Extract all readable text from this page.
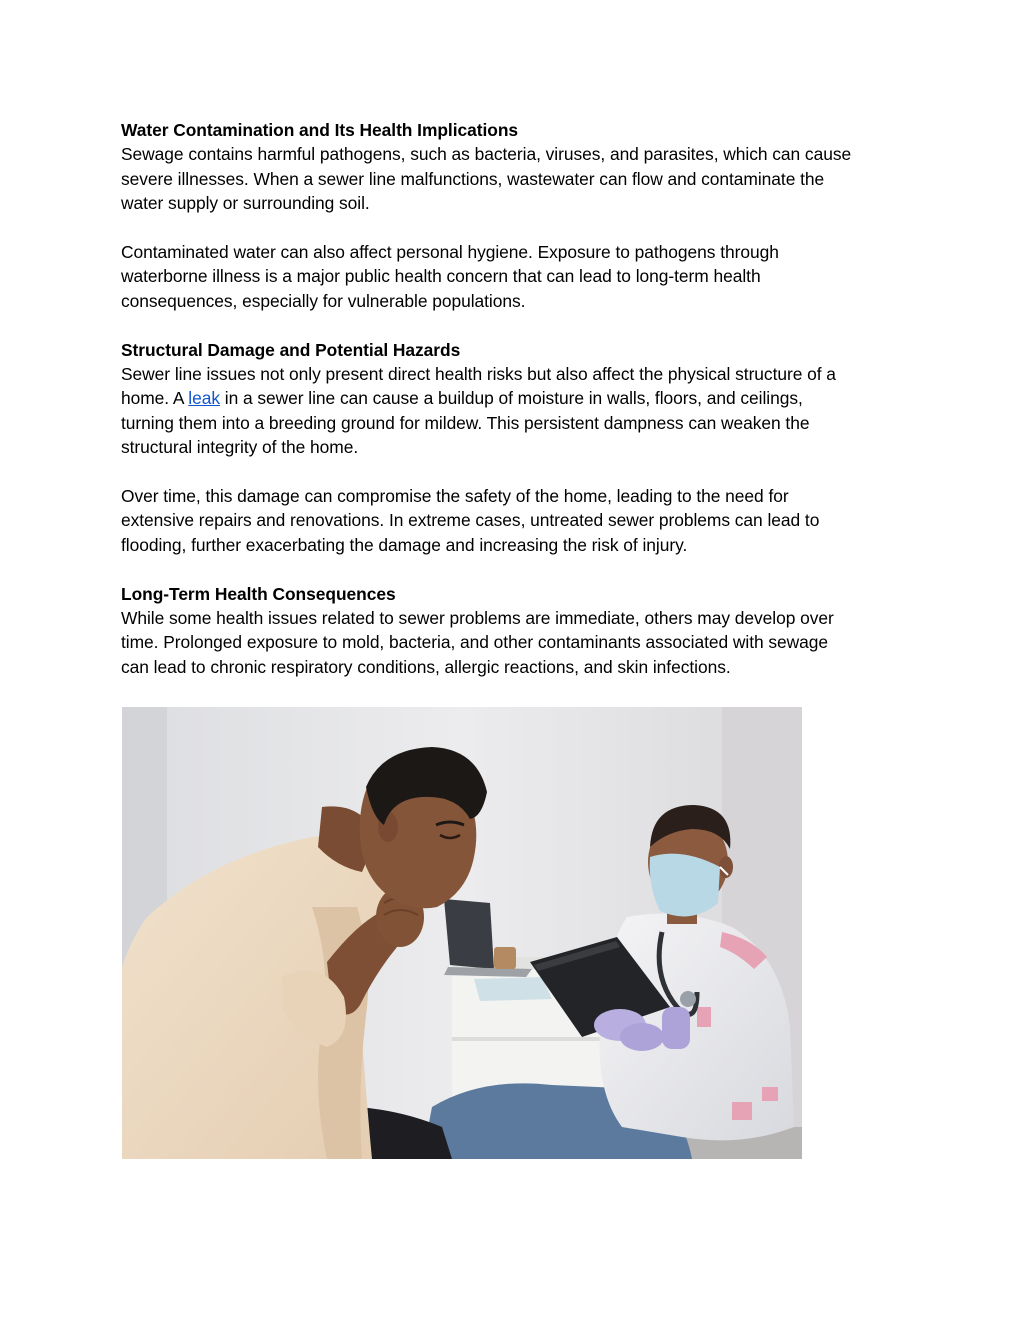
Water Contamination and Its Health Implications
Sewage contains harmful pathogens, such as bacteria, viruses, and parasites, which can cause
severe illnesses. When a sewer line malfunctions, wastewater can flow and contaminate the
water supply or surrounding soil.
Contaminated water can also affect personal hygiene. Exposure to pathogens through
waterborne illness is a major public health concern that can lead to long-term health
consequences, especially for vulnerable populations.
Structural Damage and Potential Hazards
Sewer line issues not only present direct health risks but also affect the physical structure of a
home. A leak in a sewer line can cause a buildup of moisture in walls, floors, and ceilings,
turning them into a breeding ground for mildew. This persistent dampness can weaken the
structural integrity of the home.
Over time, this damage can compromise the safety of the home, leading to the need for
extensive repairs and renovations. In extreme cases, untreated sewer problems can lead to
flooding, further exacerbating the damage and increasing the risk of injury.
Long-Term Health Consequences
While some health issues related to sewer problems are immediate, others may develop over
time. Prolonged exposure to mold, bacteria, and other contaminants associated with sewage
can lead to chronic respiratory conditions, allergic reactions, and skin infections.
